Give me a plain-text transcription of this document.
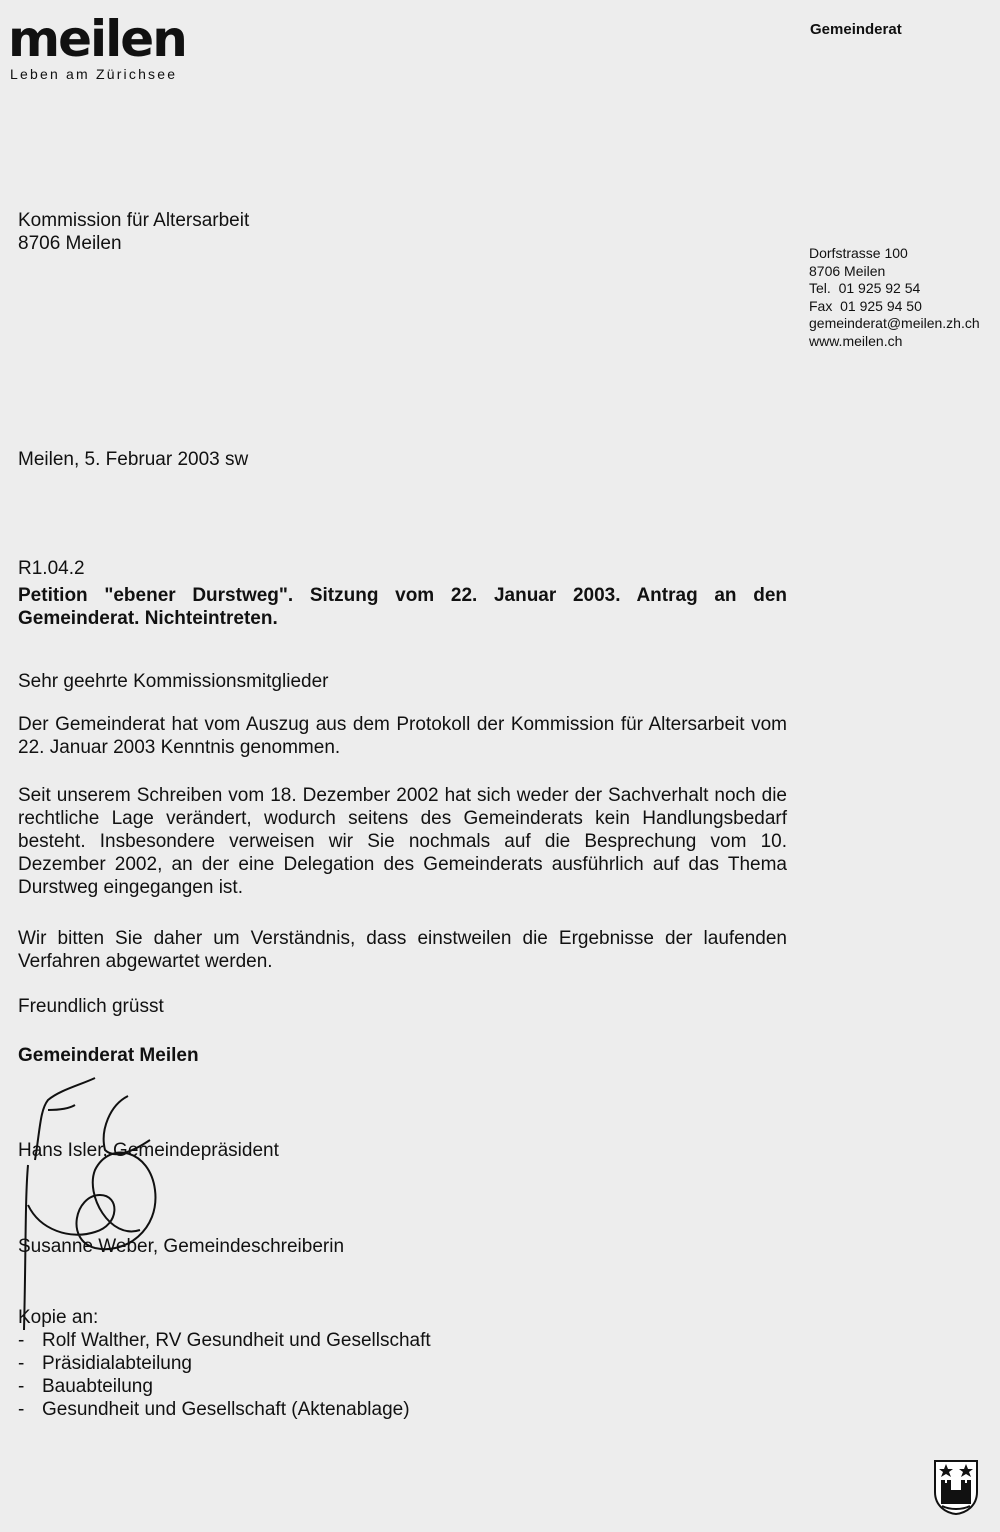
meilen
Leben am Zürichsee
Gemeinderat
Dorfstrasse 100
8706 Meilen
Tel.  01 925 92 54
Fax  01 925 94 50
gemeinderat@meilen.zh.ch
www.meilen.ch
Kommission für Altersarbeit
8706 Meilen
Meilen, 5. Februar 2003 sw
R1.04.2
Petition "ebener Durstweg". Sitzung vom 22. Januar 2003. Antrag an den Gemeinderat. Nichteintreten.
Sehr geehrte Kommissionsmitglieder
Der Gemeinderat hat vom Auszug aus dem Protokoll der Kommission für Altersarbeit vom 22. Januar 2003 Kenntnis genommen.
Seit unserem Schreiben vom 18. Dezember 2002 hat sich weder der Sachverhalt noch die rechtliche Lage verändert, wodurch seitens des Gemeinderats kein Handlungsbedarf besteht. Insbesondere verweisen wir Sie nochmals auf die Besprechung vom 10. Dezember 2002, an der eine Delegation des Gemeinderats ausführlich auf das Thema Durstweg eingegangen ist.
Wir bitten Sie daher um Verständnis, dass einstweilen die Ergebnisse der laufenden Verfahren abgewartet werden.
Freundlich grüsst
Gemeinderat Meilen
Hans Isler, Gemeindepräsident
Susanne Weber, Gemeindeschreiberin
Kopie an:
- Rolf Walther, RV Gesundheit und Gesellschaft
- Präsidialabteilung
- Bauabteilung
- Gesundheit und Gesellschaft (Aktenablage)
